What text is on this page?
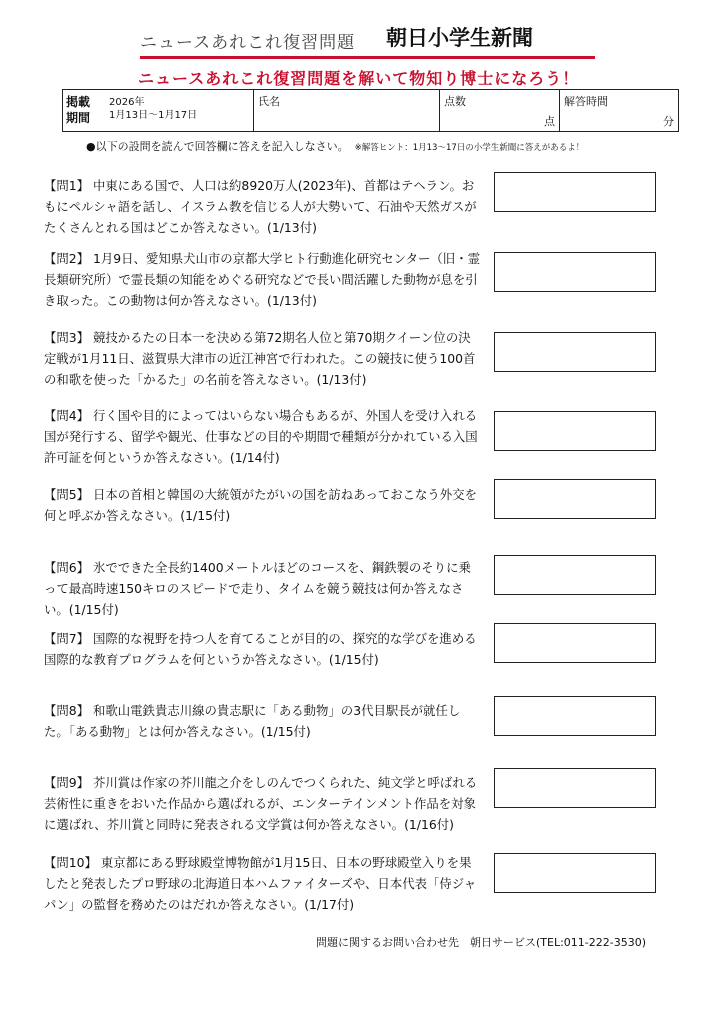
ニュースあれこれ復習問題 朝日小学生新聞
ニュースあれこれ復習問題を解いて物知り博士になろう！
掲載期間
2026年
1月13日～1月17日
氏名	点数
点
解答時間
分
●以下の設問を読んで回答欄に答えを記入しなさい。 ※解答ヒント：1月13～17日の小学生新聞に答えがあるよ！
【問1】 中東にある国で、人口は約8920万人(2023年)、首都はテヘラン。おもにペルシャ語を話し、イスラム教を信じる人が大勢いて、石油や天然ガスがたくさんとれる国はどこか答えなさい。(1/13付)
【問2】 1月9日、愛知県犬山市の京都大学ヒト行動進化研究センター（旧・霊長類研究所）で霊長類の知能をめぐる研究などで長い間活躍した動物が息を引き取った。この動物は何か答えなさい。(1/13付)
【問3】 競技かるたの日本一を決める第72期名人位と第70期クイーン位の決定戦が1月11日、滋賀県大津市の近江神宮で行われた。この競技に使う100首の和歌を使った「かるた」の名前を答えなさい。(1/13付)
【問4】 行く国や目的によってはいらない場合もあるが、外国人を受け入れる国が発行する、留学や観光、仕事などの目的や期間で種類が分かれている入国許可証を何というか答えなさい。(1/14付)
【問5】 日本の首相と韓国の大統領がたがいの国を訪ねあっておこなう外交を何と呼ぶか答えなさい。(1/15付)
【問6】 氷でできた全長約1400メートルほどのコースを、鋼鉄製のそりに乗って最高時速150キロのスピードで走り、タイムを競う競技は何か答えなさい。(1/15付)
【問7】 国際的な視野を持つ人を育てることが目的の、探究的な学びを進める国際的な教育プログラムを何というか答えなさい。(1/15付)
【問8】 和歌山電鉄貴志川線の貴志駅に「ある動物」の3代目駅長が就任した。「ある動物」とは何か答えなさい。(1/15付)
【問9】 芥川賞は作家の芥川龍之介をしのんでつくられた、純文学と呼ばれる芸術性に重きをおいた作品から選ばれるが、エンターテインメント作品を対象に選ばれ、芥川賞と同時に発表される文学賞は何か答えなさい。(1/16付)
【問10】 東京都にある野球殿堂博物館が1月15日、日本の野球殿堂入りを果したと発表したプロ野球の北海道日本ハムファイターズや、日本代表「侍ジャパン」の監督を務めたのはだれか答えなさい。(1/17付)
問題に関するお問い合わせ先　朝日サービス(TEL:011-222-3530)
